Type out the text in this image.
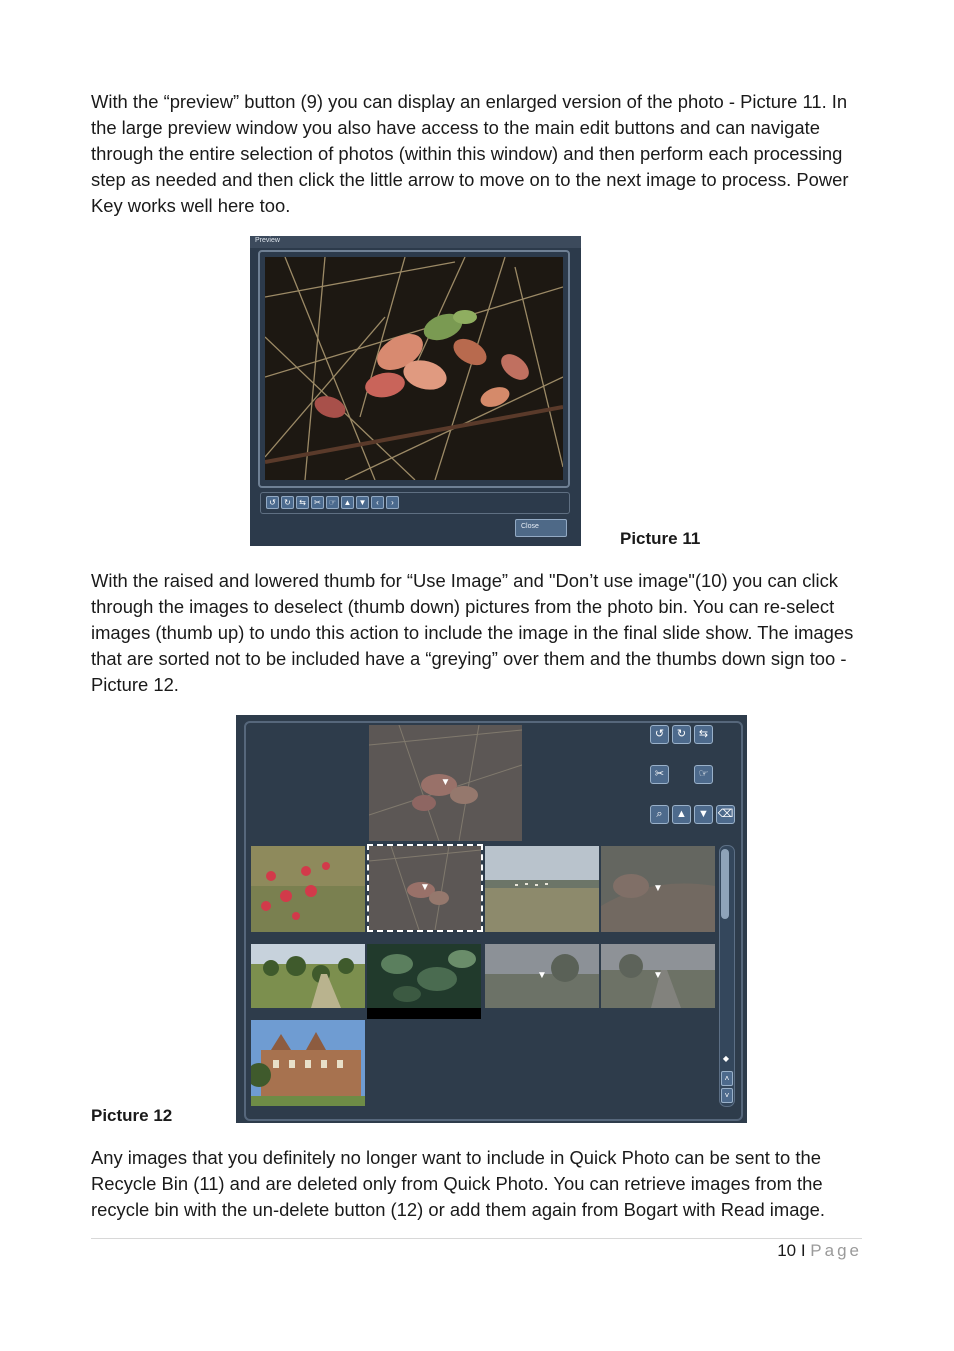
With the “preview” button (9) you can display an enlarged version of the photo - Picture 11. In the large preview window you also have access to the main edit buttons and can navigate through the entire selection of photos (within this window) and then perform each processing step as needed and then click the little arrow to move on to the next image to process. Power Key works well here too.

Preview
↺	↻	⇆	✂	☞ ▲ ▼	‹	›
Close

Picture 11

With the raised and lowered thumb for “Use Image” and "Don’t use image"(10) you can click through the images to deselect (thumb down) pictures from the photo bin. You can re-select images (thumb up) to undo this action to include the image in the final slide show. The images that are sorted not to be included have a “greying” over them and the thumbs down sign too - Picture 12.

▼
↺	↻	⇆
✂	☞
⌕	▲	▼ ⌫
▼	▼
▼	▼
◆
˄
˅

Picture 12

Any images that you definitely no longer want to include in Quick Photo can be sent to the Recycle Bin (11) and are deleted only from Quick Photo. You can retrieve images from the recycle bin with the un-delete button (12) or add them again from Bogart with Read image.

10 I Page
